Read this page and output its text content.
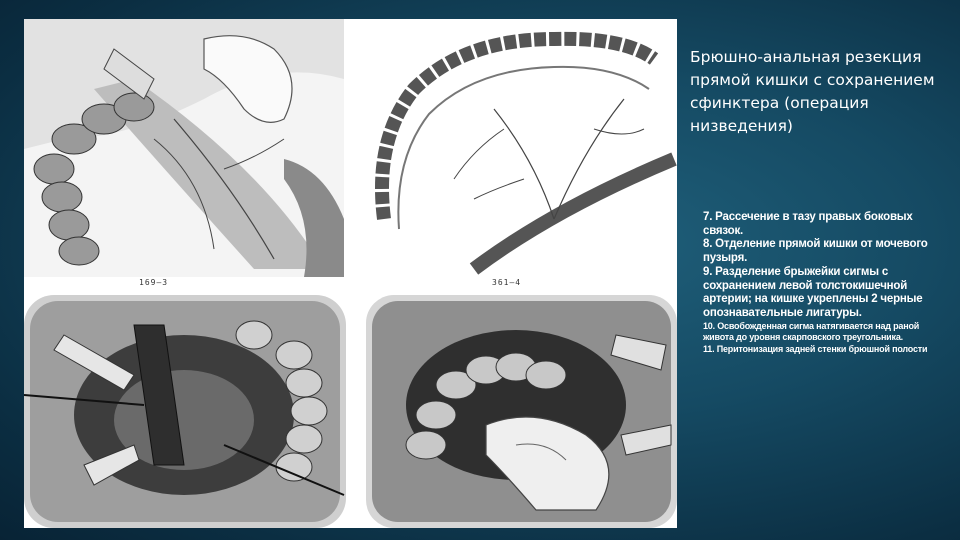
169—3	361—4
Брюшно-анальная резекция прямой кишки с сохранением сфинктера (операция низведения)
7. Рассечение в тазу правых боковых связок.
8. Отделение прямой кишки от мочевого пузыря.
9. Разделение брыжейки сигмы с сохранением левой толстокишечной артерии; на кишке укреплены 2 черные опознавательные лигатуры.
10. Освобожденная сигма натягивается над раной живота до уровня скарповского треугольника.
11. Перитонизация задней стенки брюшной полости
